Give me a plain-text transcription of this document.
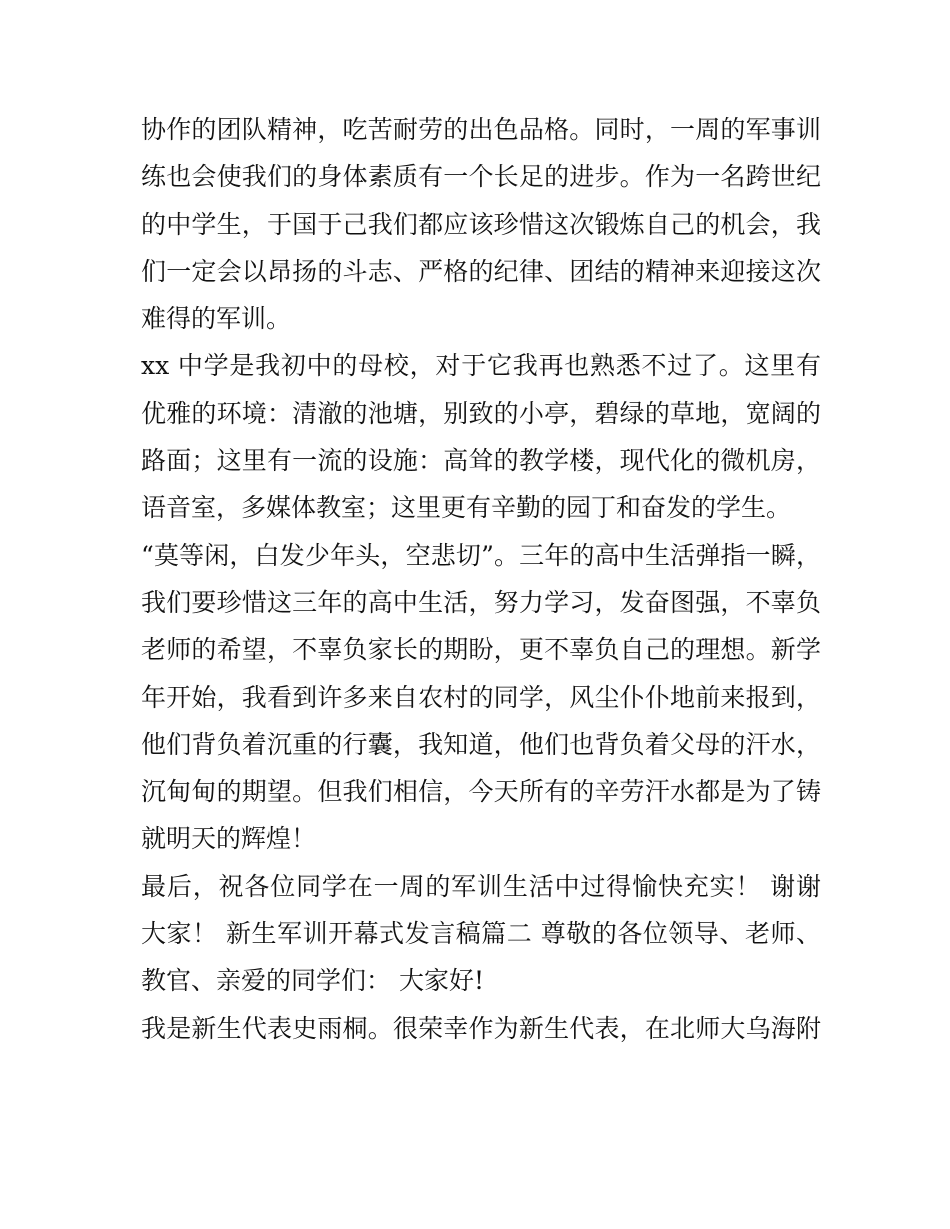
协作的团队精神，吃苦耐劳的出色品格。同时，一周的军事训
练也会使我们的身体素质有一个长足的进步。作为一名跨世纪
的中学生，于国于己我们都应该珍惜这次锻炼自己的机会，我
们一定会以昂扬的斗志、严格的纪律、团结的精神来迎接这次
难得的军训。
xx 中学是我初中的母校，对于它我再也熟悉不过了。这里有
优雅的环境：清澈的池塘，别致的小亭，碧绿的草地，宽阔的
路面；这里有一流的设施：高耸的教学楼，现代化的微机房，
语音室，多媒体教室；这里更有辛勤的园丁和奋发的学生。
“莫等闲，白发少年头，空悲切”。三年的高中生活弹指一瞬，
我们要珍惜这三年的高中生活，努力学习，发奋图强，不辜负
老师的希望，不辜负家长的期盼，更不辜负自己的理想。新学
年开始，我看到许多来自农村的同学，风尘仆仆地前来报到，
他们背负着沉重的行囊，我知道，他们也背负着父母的汗水，
沉甸甸的期望。但我们相信，今天所有的辛劳汗水都是为了铸
就明天的辉煌！
最后，祝各位同学在一周的军训生活中过得愉快充实！ 谢谢
大家！ 新生军训开幕式发言稿篇二 尊敬的各位领导、老师、
教官、亲爱的同学们： 大家好!
我是新生代表史雨桐。很荣幸作为新生代表，在北师大乌海附
